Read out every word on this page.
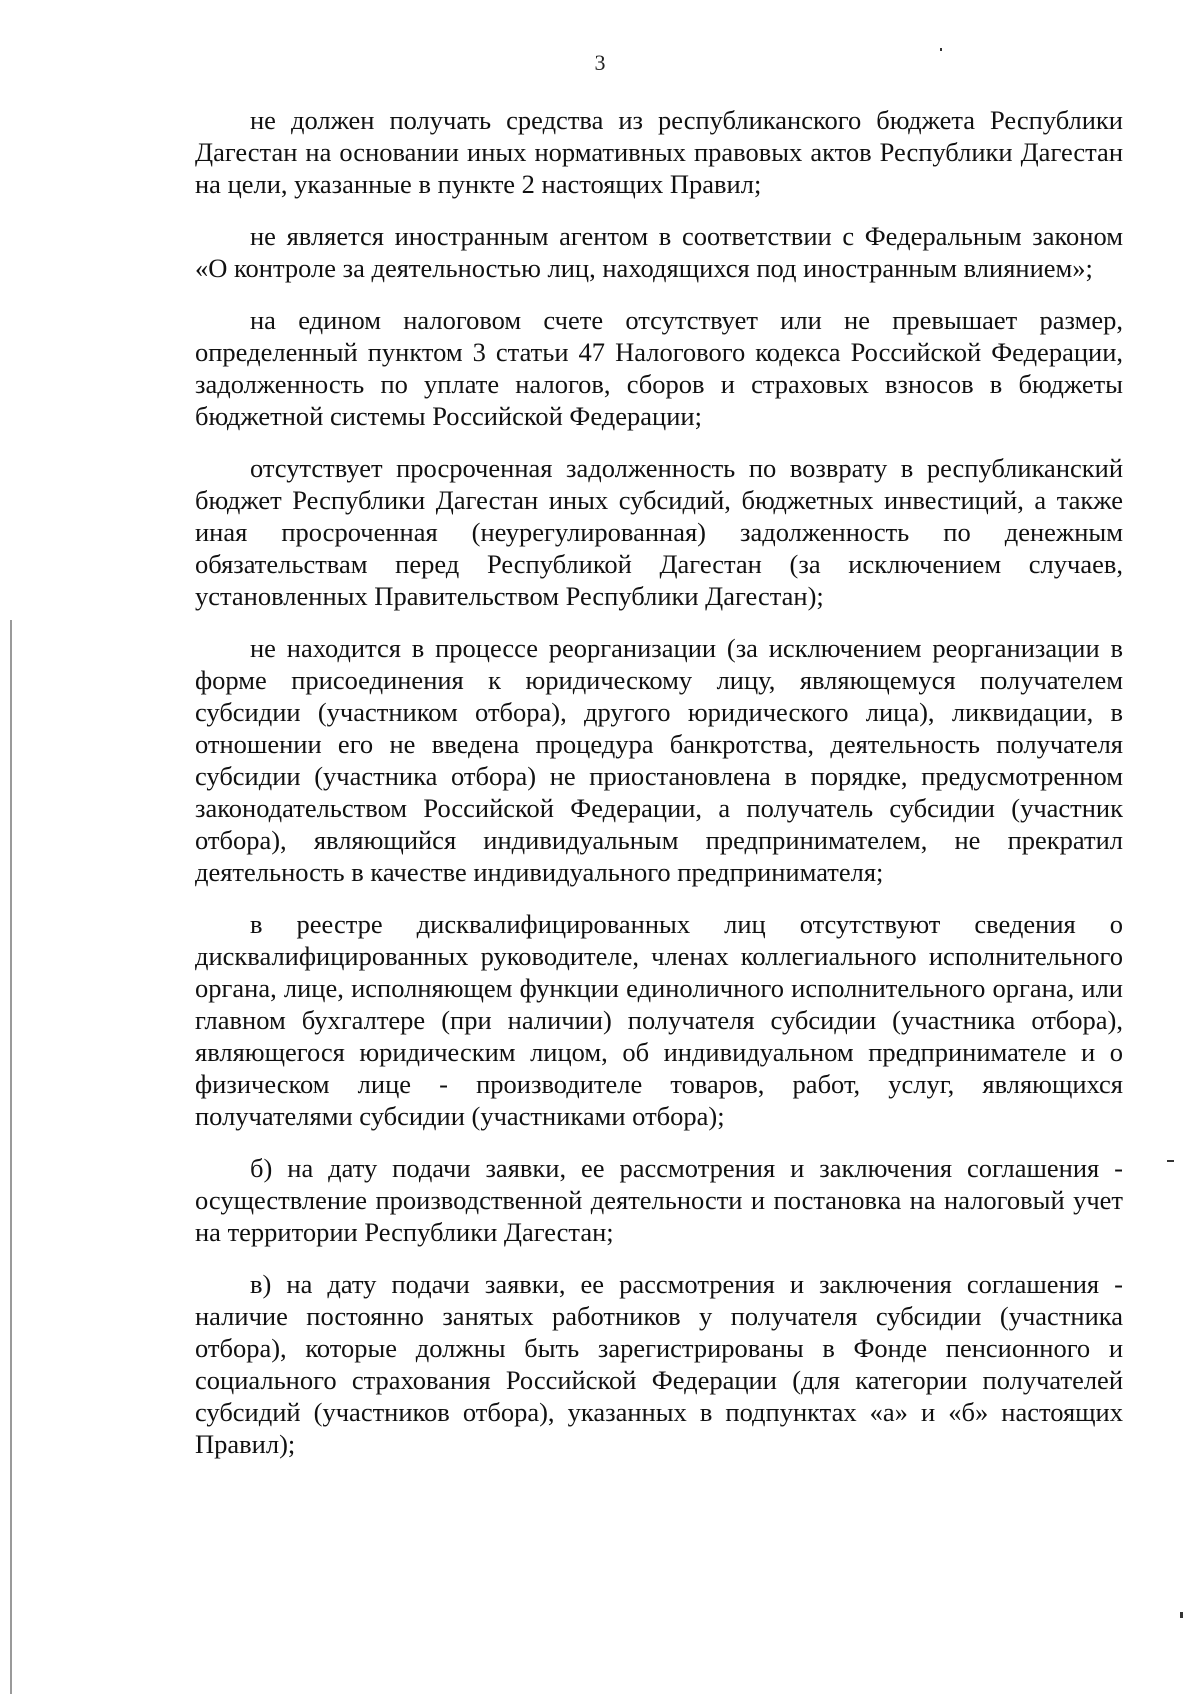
3

не должен получать средства из республиканского бюджета Республики Дагестан на основании иных нормативных правовых актов Республики Дагестан на цели, указанные в пункте 2 настоящих Правил;

не является иностранным агентом в соответствии с Федеральным законом «О контроле за деятельностью лиц, находящихся под иностранным влиянием»;

на едином налоговом счете отсутствует или не превышает размер, определенный пунктом 3 статьи 47 Налогового кодекса Российской Федерации, задолженность по уплате налогов, сборов и страховых взносов в бюджеты бюджетной системы Российской Федерации;

отсутствует просроченная задолженность по возврату в республиканский бюджет Республики Дагестан иных субсидий, бюджетных инвестиций, а также иная просроченная (неурегулированная) задолженность по денежным обязательствам перед Республикой Дагестан (за исключением случаев, установленных Правительством Республики Дагестан);

не находится в процессе реорганизации (за исключением реорганизации в форме присоединения к юридическому лицу, являющемуся получателем субсидии (участником отбора), другого юридического лица), ликвидации, в отношении его не введена процедура банкротства, деятельность получателя субсидии (участника отбора) не приостановлена в порядке, предусмотренном законодательством Российской Федерации, а получатель субсидии (участник отбора), являющийся индивидуальным предпринимателем, не прекратил деятельность в качестве индивидуального предпринимателя;

в реестре дисквалифицированных лиц отсутствуют сведения о дисквалифицированных руководителе, членах коллегиального исполнительного органа, лице, исполняющем функции единоличного исполнительного органа, или главном бухгалтере (при наличии) получателя субсидии (участника отбора), являющегося юридическим лицом, об индивидуальном предпринимателе и о физическом лице - производителе товаров, работ, услуг, являющихся получателями субсидии (участниками отбора);

б) на дату подачи заявки, ее рассмотрения и заключения соглашения - осуществление производственной деятельности и постановка на налоговый учет на территории Республики Дагестан;

в) на дату подачи заявки, ее рассмотрения и заключения соглашения - наличие постоянно занятых работников у получателя субсидии (участника отбора), которые должны быть зарегистрированы в Фонде пенсионного и социального страхования Российской Федерации (для категории получателей субсидий (участников отбора), указанных в подпунктах «а» и «б» настоящих Правил);
